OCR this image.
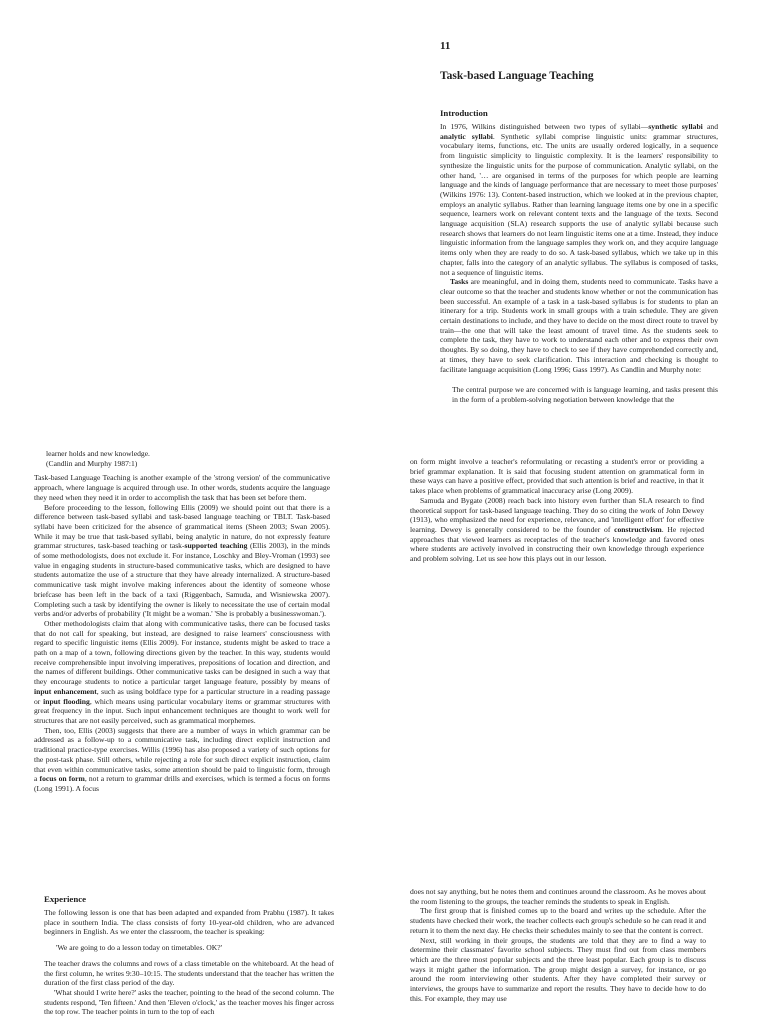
11
Task-based Language Teaching
Introduction

In 1976, Wilkins distinguished between two types of syllabi—synthetic syllabi and analytic syllabi. Synthetic syllabi comprise linguistic units: grammar structures, vocabulary items, functions, etc. The units are usually ordered logically, in a sequence from linguistic simplicity to linguistic complexity. It is the learners' responsibility to synthesize the linguistic units for the purpose of communication. Analytic syllabi, on the other hand, '… are organised in terms of the purposes for which people are learning language and the kinds of language performance that are necessary to meet those purposes' (Wilkins 1976: 13). Content-based instruction, which we looked at in the previous chapter, employs an analytic syllabus. Rather than learning language items one by one in a specific sequence, learners work on relevant content texts and the language of the texts. Second language acquisition (SLA) research supports the use of analytic syllabi because such research shows that learners do not learn linguistic items one at a time. Instead, they induce linguistic information from the language samples they work on, and they acquire language items only when they are ready to do so. A task-based syllabus, which we take up in this chapter, falls into the category of an analytic syllabus. The syllabus is composed of tasks, not a sequence of linguistic items.

Tasks are meaningful, and in doing them, students need to communicate. Tasks have a clear outcome so that the teacher and students know whether or not the communication has been successful. An example of a task in a task-based syllabus is for students to plan an itinerary for a trip. Students work in small groups with a train schedule. They are given certain destinations to include, and they have to decide on the most direct route to travel by train—the one that will take the least amount of travel time. As the students seek to complete the task, they have to work to understand each other and to express their own thoughts. By so doing, they have to check to see if they have comprehended correctly and, at times, they have to seek clarification. This interaction and checking is thought to facilitate language acquisition (Long 1996; Gass 1997). As Candlin and Murphy note:

The central purpose we are concerned with is language learning, and tasks present this in the form of a problem-solving negotiation between knowledge that the

learner holds and new knowledge.

(Candlin and Murphy 1987:1)

Task-based Language Teaching is another example of the 'strong version' of the communicative approach, where language is acquired through use. In other words, students acquire the language they need when they need it in order to accomplish the task that has been set before them.

Before proceeding to the lesson, following Ellis (2009) we should point out that there is a difference between task-based syllabi and task-based language teaching or TBLT. Task-based syllabi have been criticized for the absence of grammatical items (Sheen 2003; Swan 2005). While it may be true that task-based syllabi, being analytic in nature, do not expressly feature grammar structures, task-based teaching or task-supported teaching (Ellis 2003), in the minds of some methodologists, does not exclude it. For instance, Loschky and Bley-Vroman (1993) see value in engaging students in structure-based communicative tasks, which are designed to have students automatize the use of a structure that they have already internalized. A structure-based communicative task might involve making inferences about the identity of someone whose briefcase has been left in the back of a taxi (Riggenbach, Samuda, and Wisniewska 2007). Completing such a task by identifying the owner is likely to necessitate the use of certain modal verbs and/or adverbs of probability ('It might be a woman.' 'She is probably a businesswoman.').

Other methodologists claim that along with communicative tasks, there can be focused tasks that do not call for speaking, but instead, are designed to raise learners' consciousness with regard to specific linguistic items (Ellis 2009). For instance, students might be asked to trace a path on a map of a town, following directions given by the teacher. In this way, students would receive comprehensible input involving imperatives, prepositions of location and direction, and the names of different buildings. Other communicative tasks can be designed in such a way that they encourage students to notice a particular target language feature, possibly by means of input enhancement, such as using boldface type for a particular structure in a reading passage or input flooding, which means using particular vocabulary items or grammar structures with great frequency in the input. Such input enhancement techniques are thought to work well for structures that are not easily perceived, such as grammatical morphemes.

Then, too, Ellis (2003) suggests that there are a number of ways in which grammar can be addressed as a follow-up to a communicative task, including direct explicit instruction and traditional practice-type exercises. Willis (1996) has also proposed a variety of such options for the post-task phase. Still others, while rejecting a role for such direct explicit instruction, claim that even within communicative tasks, some attention should be paid to linguistic form, through a focus on form, not a return to grammar drills and exercises, which is termed a focus on forms (Long 1991). A focus

on form might involve a teacher's reformulating or recasting a student's error or providing a brief grammar explanation. It is said that focusing student attention on grammatical form in these ways can have a positive effect, provided that such attention is brief and reactive, in that it takes place when problems of grammatical inaccuracy arise (Long 2009).

Samuda and Bygate (2008) reach back into history even further than SLA research to find theoretical support for task-based language teaching. They do so citing the work of John Dewey (1913), who emphasized the need for experience, relevance, and 'intelligent effort' for effective learning. Dewey is generally considered to be the founder of constructivism. He rejected approaches that viewed learners as receptacles of the teacher's knowledge and favored ones where students are actively involved in constructing their own knowledge through experience and problem solving. Let us see how this plays out in our lesson.

Experience

The following lesson is one that has been adapted and expanded from Prabhu (1987). It takes place in southern India. The class consists of forty 10-year-old children, who are advanced beginners in English. As we enter the classroom, the teacher is speaking:

'We are going to do a lesson today on timetables. OK?'

The teacher draws the columns and rows of a class timetable on the whiteboard. At the head of the first column, he writes 9:30–10:15. The students understand that the teacher has written the duration of the first class period of the day.

'What should I write here?' asks the teacher, pointing to the head of the second column. The students respond, 'Ten fifteen.' And then 'Eleven o'clock,' as the teacher moves his finger across the top row. The teacher points in turn to the top of each

does not say anything, but he notes them and continues around the classroom. As he moves about the room listening to the groups, the teacher reminds the students to speak in English.

The first group that is finished comes up to the board and writes up the schedule. After the students have checked their work, the teacher collects each group's schedule so he can read it and return it to them the next day. He checks their schedules mainly to see that the content is correct.

Next, still working in their groups, the students are told that they are to find a way to determine their classmates' favorite school subjects. They must find out from class members which are the three most popular subjects and the three least popular. Each group is to discuss ways it might gather the information. The group might design a survey, for instance, or go around the room interviewing other students. After they have completed their survey or interviews, the groups have to summarize and report the results. They have to decide how to do this. For example, they may use
